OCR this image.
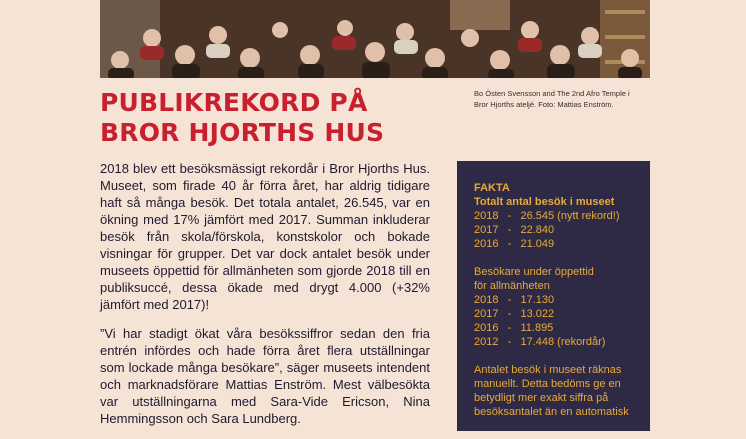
PUBLIKREKORD PÅ
BROR HJORTHS HUS

Bo Östen Svensson and The 2nd Afro Temple i
Bror Hjorths ateljé. Foto: Mattias Enström.

2018 blev ett besöksmässigt rekordår i Bror Hjorths Hus. Museet, som firade 40 år förra året, har aldrig tidigare haft så många besök. Det totala antalet, 26.545, var en ökning med 17% jämfört med 2017. Summan inkluderar besök från skola/förskola, konstskolor och bokade visningar för grupper. Det var dock antalet besök under museets öppettid för allmänheten som gjorde 2018 till en publiksuccé, dessa ökade med drygt 4.000 (+32% jämfört med 2017)!

”Vi har stadigt ökat våra besökssiffror sedan den fria entrén infördes och hade förra året flera utställningar som lockade många besökare”, säger museets intendent och marknadsförare Mattias Enström. Mest välbesökta var utställningarna med Sara-Vide Ericson, Nina Hemmingsson och Sara Lundberg.

FAKTA

Totalt antal besök i museet

2018   -   26.545 (nytt rekord!)
2017   -   22.840
2016   -   21.049

Besökare under öppettid
för allmänheten

2018   -   17.130
2017   -   13.022
2016   -   11.895
2012   -   17.448 (rekordår)

Antalet besök i museet räknas
manuellt. Detta bedöms ge en
betydligt mer exakt siffra på
besöksantalet än en automatisk
